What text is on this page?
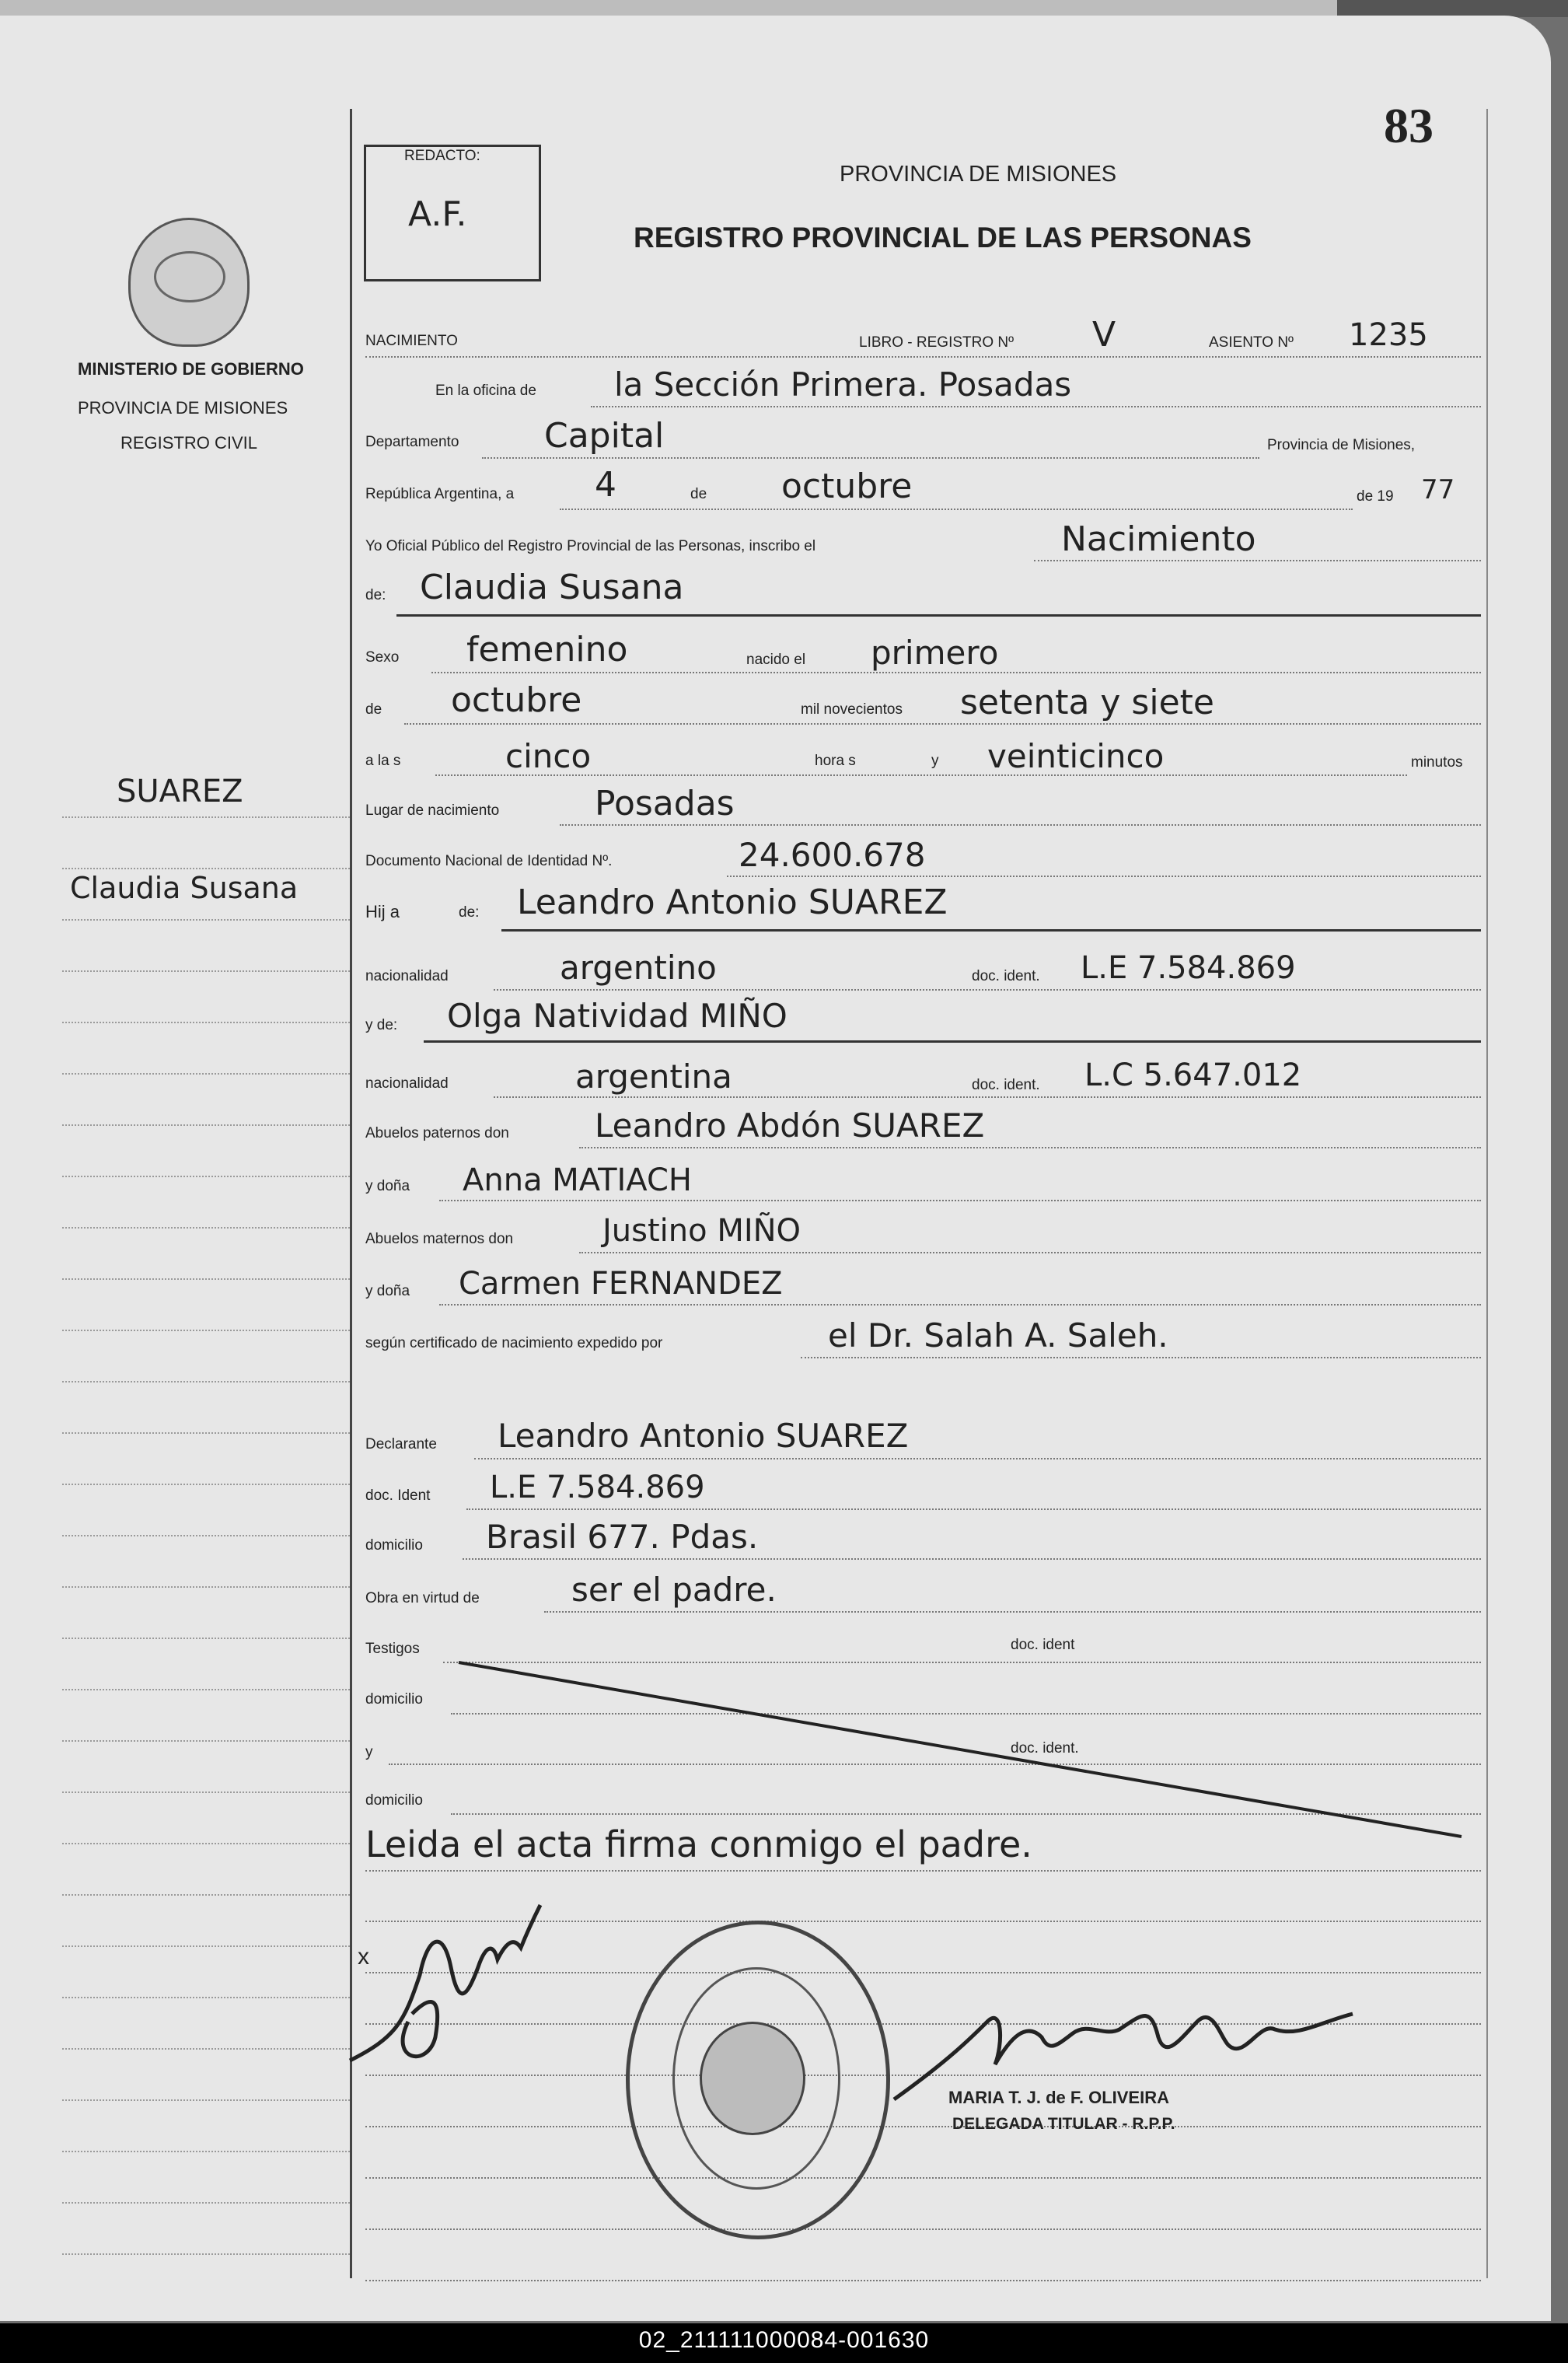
83
REDACTO:
A.F.
PROVINCIA DE MISIONES
REGISTRO PROVINCIAL DE LAS PERSONAS
MINISTERIO DE GOBIERNO
PROVINCIA DE MISIONES
REGISTRO CIVIL
SUAREZ
Claudia Susana
NACIMIENTO	LIBRO - REGISTRO Nº V	ASIENTO Nº 1235
En la oficina de la Sección Primera. Posadas
Departamento Capital	Provincia de Misiones,
República Argentina, a 4	de octubre	de 19 77
Yo Oficial Público del Registro Provincial de las Personas, inscribo el	Nacimiento
de: Claudia Susana
Sexo femenino	nacido el primero
de octubre	mil novecientos setenta y siete
a la s	cinco	hora s	y veinticinco	minutos
Lugar de nacimiento	Posadas
Documento Nacional de Identidad Nº.	24.600.678
Hij a	de: Leandro Antonio SUAREZ
nacionalidad	argentino	doc. ident. L.E 7.584.869
y de: Olga Natividad MIÑO
nacionalidad	argentina	doc. ident. L.C 5.647.012
Abuelos paternos don	Leandro Abdón SUAREZ
y doña Anna MATIACH
Abuelos maternos don	Justino MIÑO
y doña Carmen FERNANDEZ
según certificado de nacimiento expedido por	el Dr. Salah A. Saleh.
Declarante Leandro Antonio SUAREZ
doc. Ident L.E 7.584.869
domicilio Brasil 677. Pdas.
Obra en virtud de	ser el padre.
Testigos	doc. ident
domicilio
y	doc. ident.
domicilio
Leida el acta firma conmigo el padre.
x
MARIA T. J. de F. OLIVEIRA
DELEGADA TITULAR - R.P.P.
02_211111000084-001630
